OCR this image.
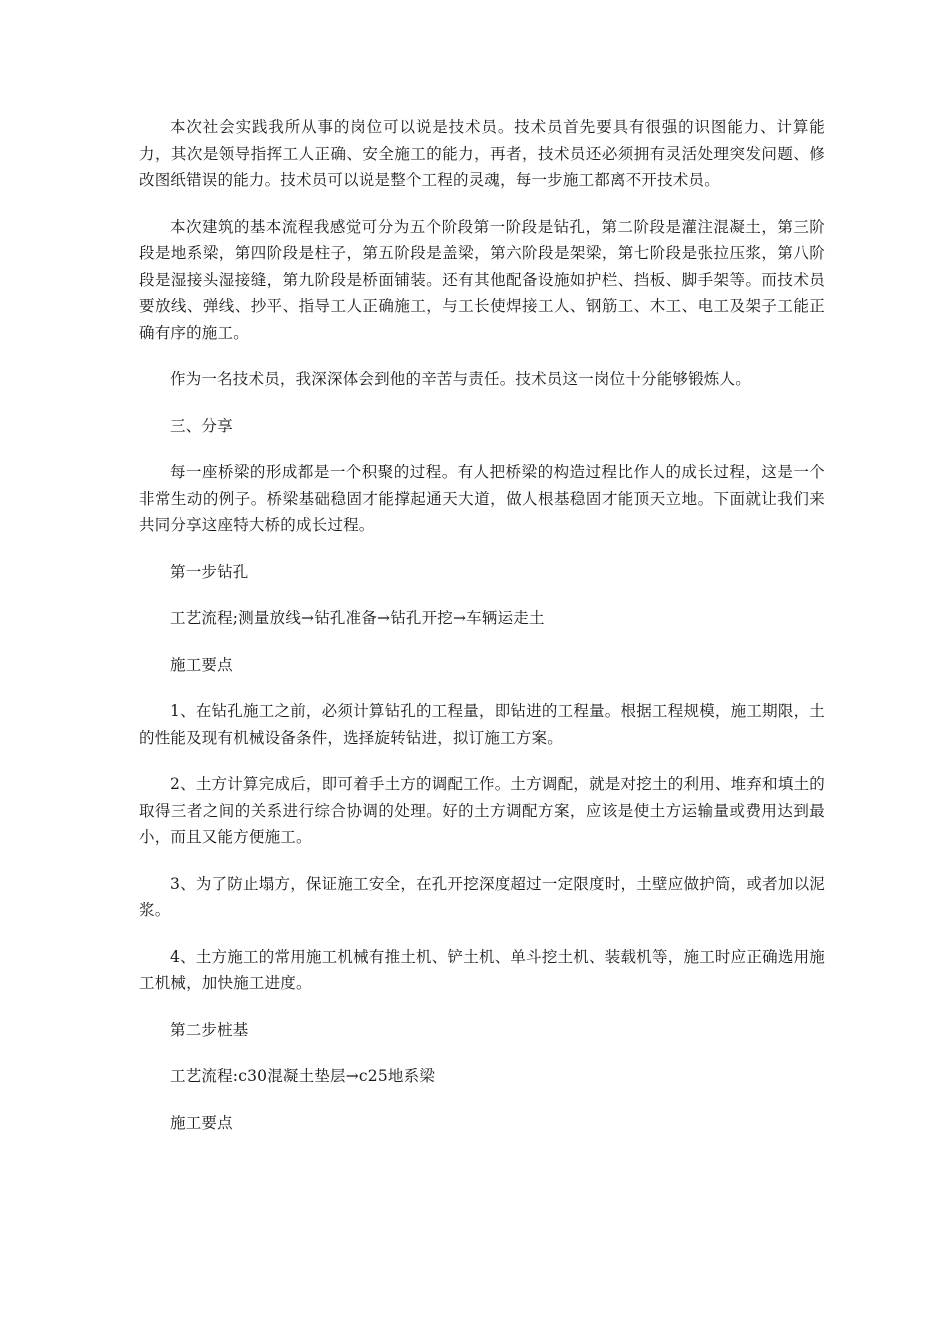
本次社会实践我所从事的岗位可以说是技术员。技术员首先要具有很强的识图能力、计算能力，其次是领导指挥工人正确、安全施工的能力，再者，技术员还必须拥有灵活处理突发问题、修改图纸错误的能力。技术员可以说是整个工程的灵魂，每一步施工都离不开技术员。

本次建筑的基本流程我感觉可分为五个阶段第一阶段是钻孔，第二阶段是灌注混凝土，第三阶段是地系梁，第四阶段是柱子，第五阶段是盖梁，第六阶段是架梁，第七阶段是张拉压浆，第八阶段是湿接头湿接缝，第九阶段是桥面铺装。还有其他配备设施如护栏、挡板、脚手架等。而技术员要放线、弹线、抄平、指导工人正确施工，与工长使焊接工人、钢筋工、木工、电工及架子工能正确有序的施工。

作为一名技术员，我深深体会到他的辛苦与责任。技术员这一岗位十分能够锻炼人。

三、分享

每一座桥梁的形成都是一个积聚的过程。有人把桥梁的构造过程比作人的成长过程，这是一个非常生动的例子。桥梁基础稳固才能撑起通天大道，做人根基稳固才能顶天立地。下面就让我们来共同分享这座特大桥的成长过程。

第一步钻孔

工艺流程;测量放线→钻孔准备→钻孔开挖→车辆运走土

施工要点

1、在钻孔施工之前，必须计算钻孔的工程量，即钻进的工程量。根据工程规模，施工期限，土的性能及现有机械设备条件，选择旋转钻进，拟订施工方案。

2、土方计算完成后，即可着手土方的调配工作。土方调配，就是对挖土的利用、堆弃和填土的取得三者之间的关系进行综合协调的处理。好的土方调配方案，应该是使土方运输量或费用达到最小，而且又能方便施工。

3、为了防止塌方，保证施工安全，在孔开挖深度超过一定限度时，土壁应做护筒，或者加以泥浆。

4、土方施工的常用施工机械有推土机、铲土机、单斗挖土机、装载机等，施工时应正确选用施工机械，加快施工进度。

第二步桩基

工艺流程:c30混凝土垫层→c25地系梁

施工要点
